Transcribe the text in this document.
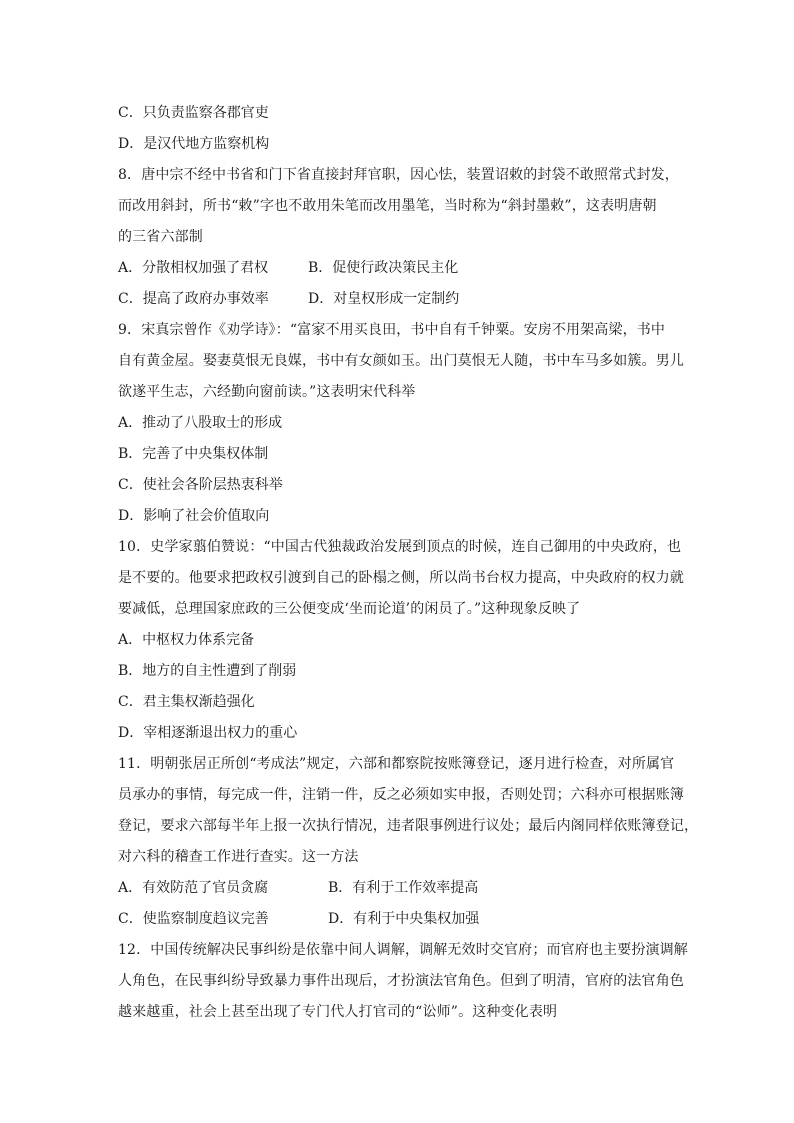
C．只负责监察各郡官吏
D．是汉代地方监察机构
8．唐中宗不经中书省和门下省直接封拜官职，因心怯，装置诏敕的封袋不敢照常式封发，
而改用斜封，所书“敕”字也不敢用朱笔而改用墨笔，当时称为“斜封墨敕”，这表明唐朝
的三省六部制
A．分散相权加强了君权	B．促使行政决策民主化
C．提高了政府办事效率	D．对皇权形成一定制约
9．宋真宗曾作《劝学诗》：“富家不用买良田，书中自有千钟粟。安房不用架高梁，书中
自有黄金屋。娶妻莫恨无良媒，书中有女颜如玉。出门莫恨无人随，书中车马多如簇。男儿
欲遂平生志，六经勤向窗前读。”这表明宋代科举
A．推动了八股取士的形成
B．完善了中央集权体制
C．使社会各阶层热衷科举
D．影响了社会价值取向
10．史学家翦伯赞说：“中国古代独裁政治发展到顶点的时候，连自己御用的中央政府，也
是不要的。他要求把政权引渡到自己的卧榻之侧，所以尚书台权力提高，中央政府的权力就
要减低，总理国家庶政的三公便变成‘坐而论道’的闲员了。”这种现象反映了
A．中枢权力体系完备
B．地方的自主性遭到了削弱
C．君主集权渐趋强化
D．宰相逐渐退出权力的重心
11．明朝张居正所创“考成法”规定，六部和都察院按账簿登记，逐月进行检查，对所属官
员承办的事情，每完成一件，注销一件，反之必须如实申报，否则处罚；六科亦可根据账簿
登记，要求六部每半年上报一次执行情况，违者限事例进行议处；最后内阁同样依账簿登记，
对六科的稽查工作进行查实。这一方法
A．有效防范了官员贪腐	B．有利于工作效率提高
C．使监察制度趋议完善	D．有利于中央集权加强
12．中国传统解决民事纠纷是依靠中间人调解，调解无效时交官府；而官府也主要扮演调解
人角色，在民事纠纷导致暴力事件出现后，才扮演法官角色。但到了明清，官府的法官角色
越来越重，社会上甚至出现了专门代人打官司的“讼师”。这种变化表明
